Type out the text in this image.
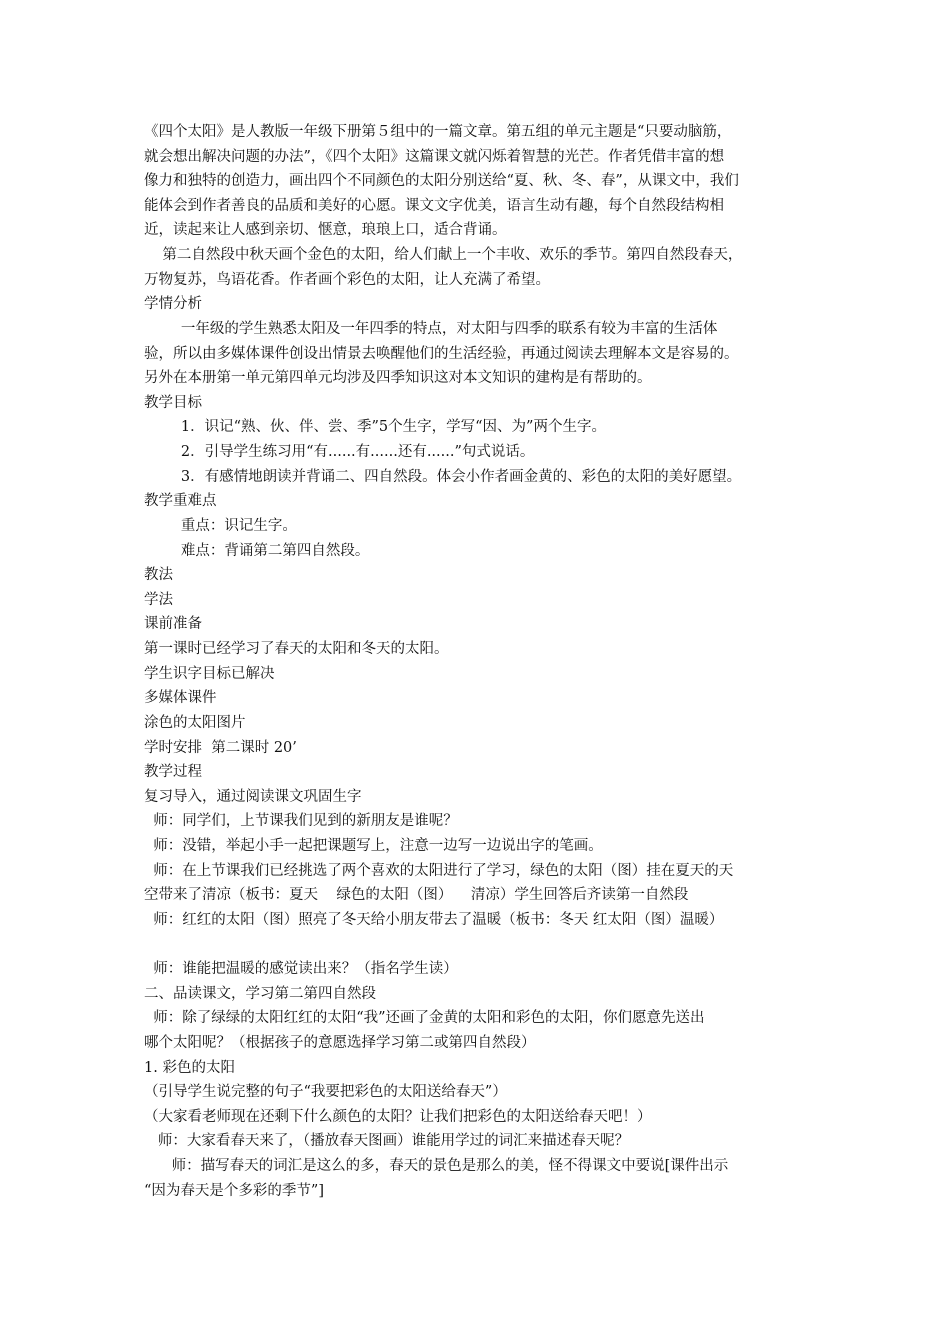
《四个太阳》是人教版一年级下册第５组中的一篇文章。第五组的单元主题是“只要动脑筋，
就会想出解决问题的办法”，《四个太阳》这篇课文就闪烁着智慧的光芒。作者凭借丰富的想
像力和独特的创造力，画出四个不同颜色的太阳分别送给“夏、秋、冬、春”，从课文中，我们
能体会到作者善良的品质和美好的心愿。课文文字优美，语言生动有趣，每个自然段结构相
近，读起来让人感到亲切、惬意，琅琅上口，适合背诵。
第二自然段中秋天画个金色的太阳，给人们献上一个丰收、欢乐的季节。第四自然段春天，
万物复苏，鸟语花香。作者画个彩色的太阳，让人充满了希望。
学情分析
一年级的学生熟悉太阳及一年四季的特点，对太阳与四季的联系有较为丰富的生活体
验，所以由多媒体课件创设出情景去唤醒他们的生活经验，再通过阅读去理解本文是容易的。
另外在本册第一单元第四单元均涉及四季知识这对本文知识的建构是有帮助的。
教学目标
1．识记“熟、伙、伴、尝、季”5个生字，学写“因、为”两个生字。
2．引导学生练习用“有......有......还有......”句式说话。
3．有感情地朗读并背诵二、四自然段。体会小作者画金黄的、彩色的太阳的美好愿望。
教学重难点
重点：识记生字。
难点：背诵第二第四自然段。
教法
学法
课前准备
第一课时已经学习了春天的太阳和冬天的太阳。
学生识字目标已解决
多媒体课件
涂色的太阳图片
学时安排  第二课时 20’
教学过程
复习导入，通过阅读课文巩固生字
师：同学们，上节课我们见到的新朋友是谁呢？
师：没错，举起小手一起把课题写上，注意一边写一边说出字的笔画。
师：在上节课我们已经挑选了两个喜欢的太阳进行了学习，绿色的太阳（图）挂在夏天的天
空带来了清凉（板书：夏天    绿色的太阳（图）    清凉）学生回答后齐读第一自然段
师：红红的太阳（图）照亮了冬天给小朋友带去了温暖（板书：冬天 红太阳（图）温暖）
师：谁能把温暖的感觉读出来？（指名学生读）
二、品读课文，学习第二第四自然段
师：除了绿绿的太阳红红的太阳“我”还画了金黄的太阳和彩色的太阳，你们愿意先送出
哪个太阳呢？（根据孩子的意愿选择学习第二或第四自然段）
1. 彩色的太阳
（引导学生说完整的句子“我要把彩色的太阳送给春天”）
（大家看老师现在还剩下什么颜色的太阳？让我们把彩色的太阳送给春天吧！）
师：大家看春天来了，（播放春天图画）谁能用学过的词汇来描述春天呢？
师：描写春天的词汇是这么的多，春天的景色是那么的美，怪不得课文中要说[课件出示
“因为春天是个多彩的季节”]
